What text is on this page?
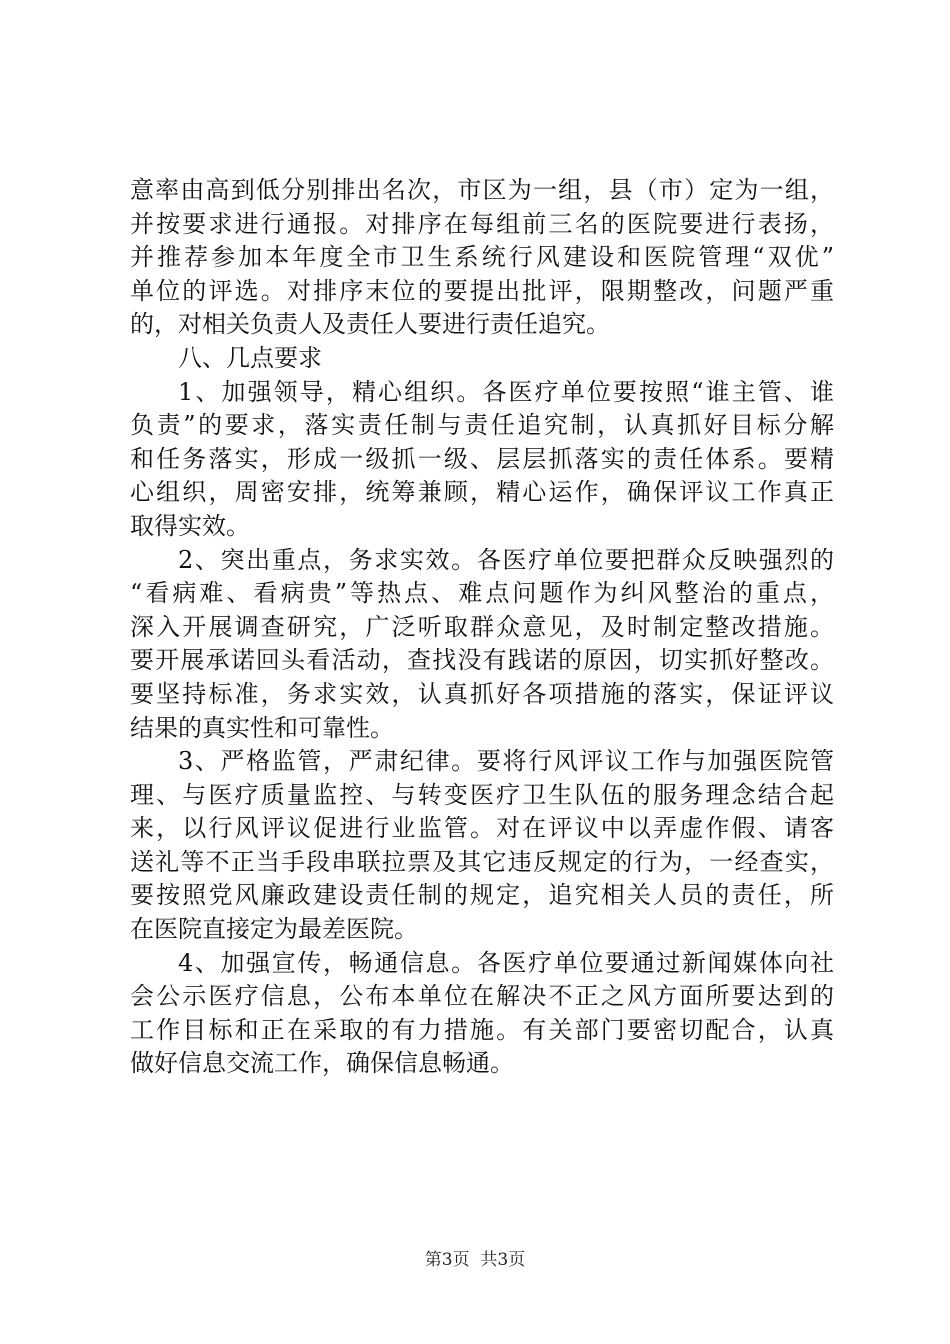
意率由高到低分别排出名次，市区为一组，县（市）定为一组，
并按要求进行通报。对排序在每组前三名的医院要进行表扬，
并推荐参加本年度全市卫生系统行风建设和医院管理“双优”
单位的评选。对排序末位的要提出批评，限期整改，问题严重
的，对相关负责人及责任人要进行责任追究。
八、几点要求
1、加强领导，精心组织。各医疗单位要按照“谁主管、谁
负责”的要求，落实责任制与责任追究制，认真抓好目标分解
和任务落实，形成一级抓一级、层层抓落实的责任体系。要精
心组织，周密安排，统筹兼顾，精心运作，确保评议工作真正
取得实效。
2、突出重点，务求实效。各医疗单位要把群众反映强烈的
“看病难、看病贵”等热点、难点问题作为纠风整治的重点，
深入开展调查研究，广泛听取群众意见，及时制定整改措施。
要开展承诺回头看活动，查找没有践诺的原因，切实抓好整改。
要坚持标准，务求实效，认真抓好各项措施的落实，保证评议
结果的真实性和可靠性。
3、严格监管，严肃纪律。要将行风评议工作与加强医院管
理、与医疗质量监控、与转变医疗卫生队伍的服务理念结合起
来，以行风评议促进行业监管。对在评议中以弄虚作假、请客
送礼等不正当手段串联拉票及其它违反规定的行为，一经查实，
要按照党风廉政建设责任制的规定，追究相关人员的责任，所
在医院直接定为最差医院。
4、加强宣传，畅通信息。各医疗单位要通过新闻媒体向社
会公示医疗信息，公布本单位在解决不正之风方面所要达到的
工作目标和正在采取的有力措施。有关部门要密切配合，认真
做好信息交流工作，确保信息畅通。
第3页  共3页
